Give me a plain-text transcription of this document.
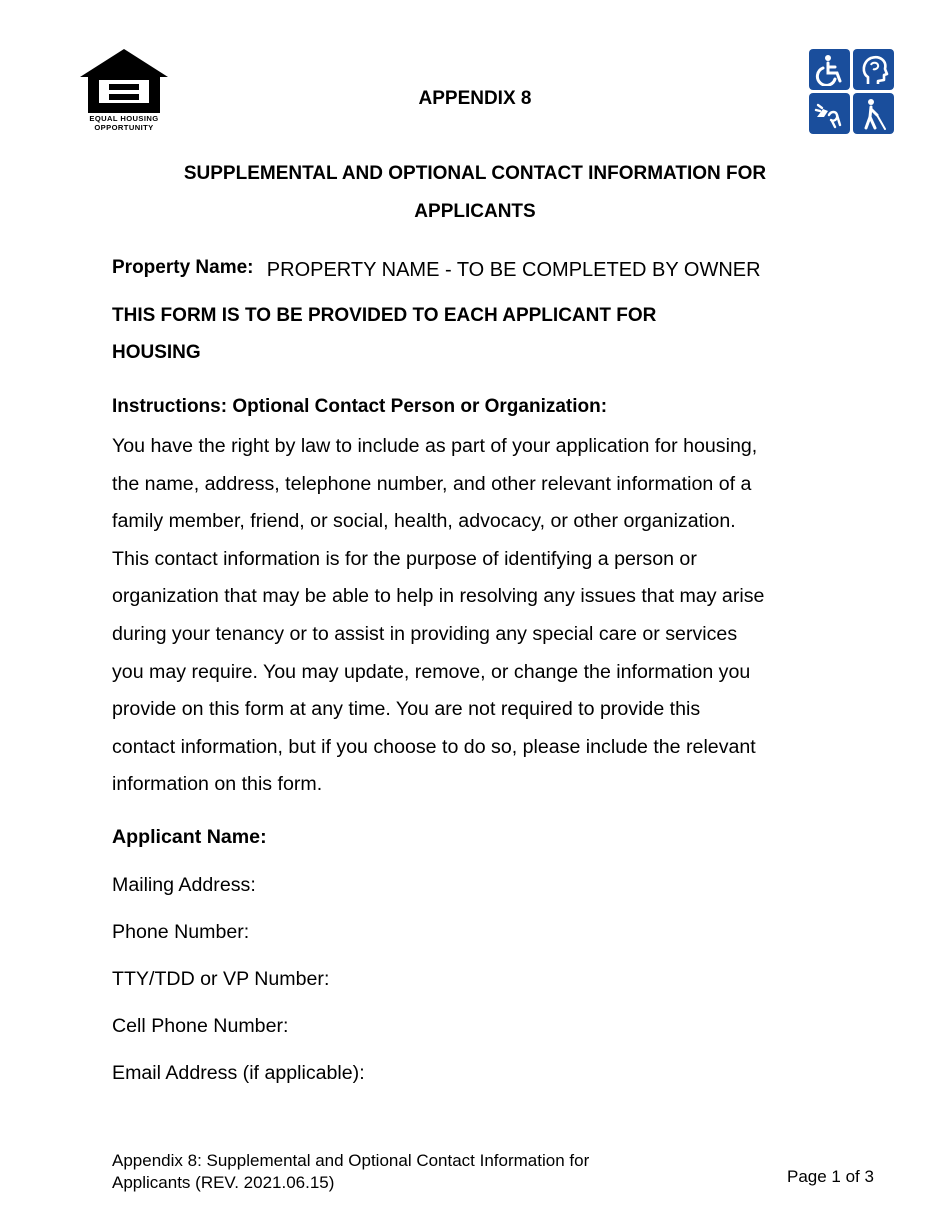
EQUAL HOUSING
OPPORTUNITY
APPENDIX 8
SUPPLEMENTAL AND OPTIONAL CONTACT INFORMATION FOR
APPLICANTS
Property Name: PROPERTY NAME - TO BE COMPLETED BY OWNER
THIS FORM IS TO BE PROVIDED TO EACH APPLICANT FOR
HOUSING
Instructions: Optional Contact Person or Organization:
You have the right by law to include as part of your application for housing,
the name, address, telephone number, and other relevant information of a
family member, friend, or social, health, advocacy, or other organization.
This contact information is for the purpose of identifying a person or
organization that may be able to help in resolving any issues that may arise
during your tenancy or to assist in providing any special care or services
you may require. You may update, remove, or change the information you
provide on this form at any time. You are not required to provide this
contact information, but if you choose to do so, please include the relevant
information on this form.
Applicant Name:
Mailing Address:
Phone Number:
TTY/TDD or VP Number:
Cell Phone Number:
Email Address (if applicable):
Appendix 8: Supplemental and Optional Contact Information for
Applicants (REV. 2021.06.15)	Page 1 of 3
